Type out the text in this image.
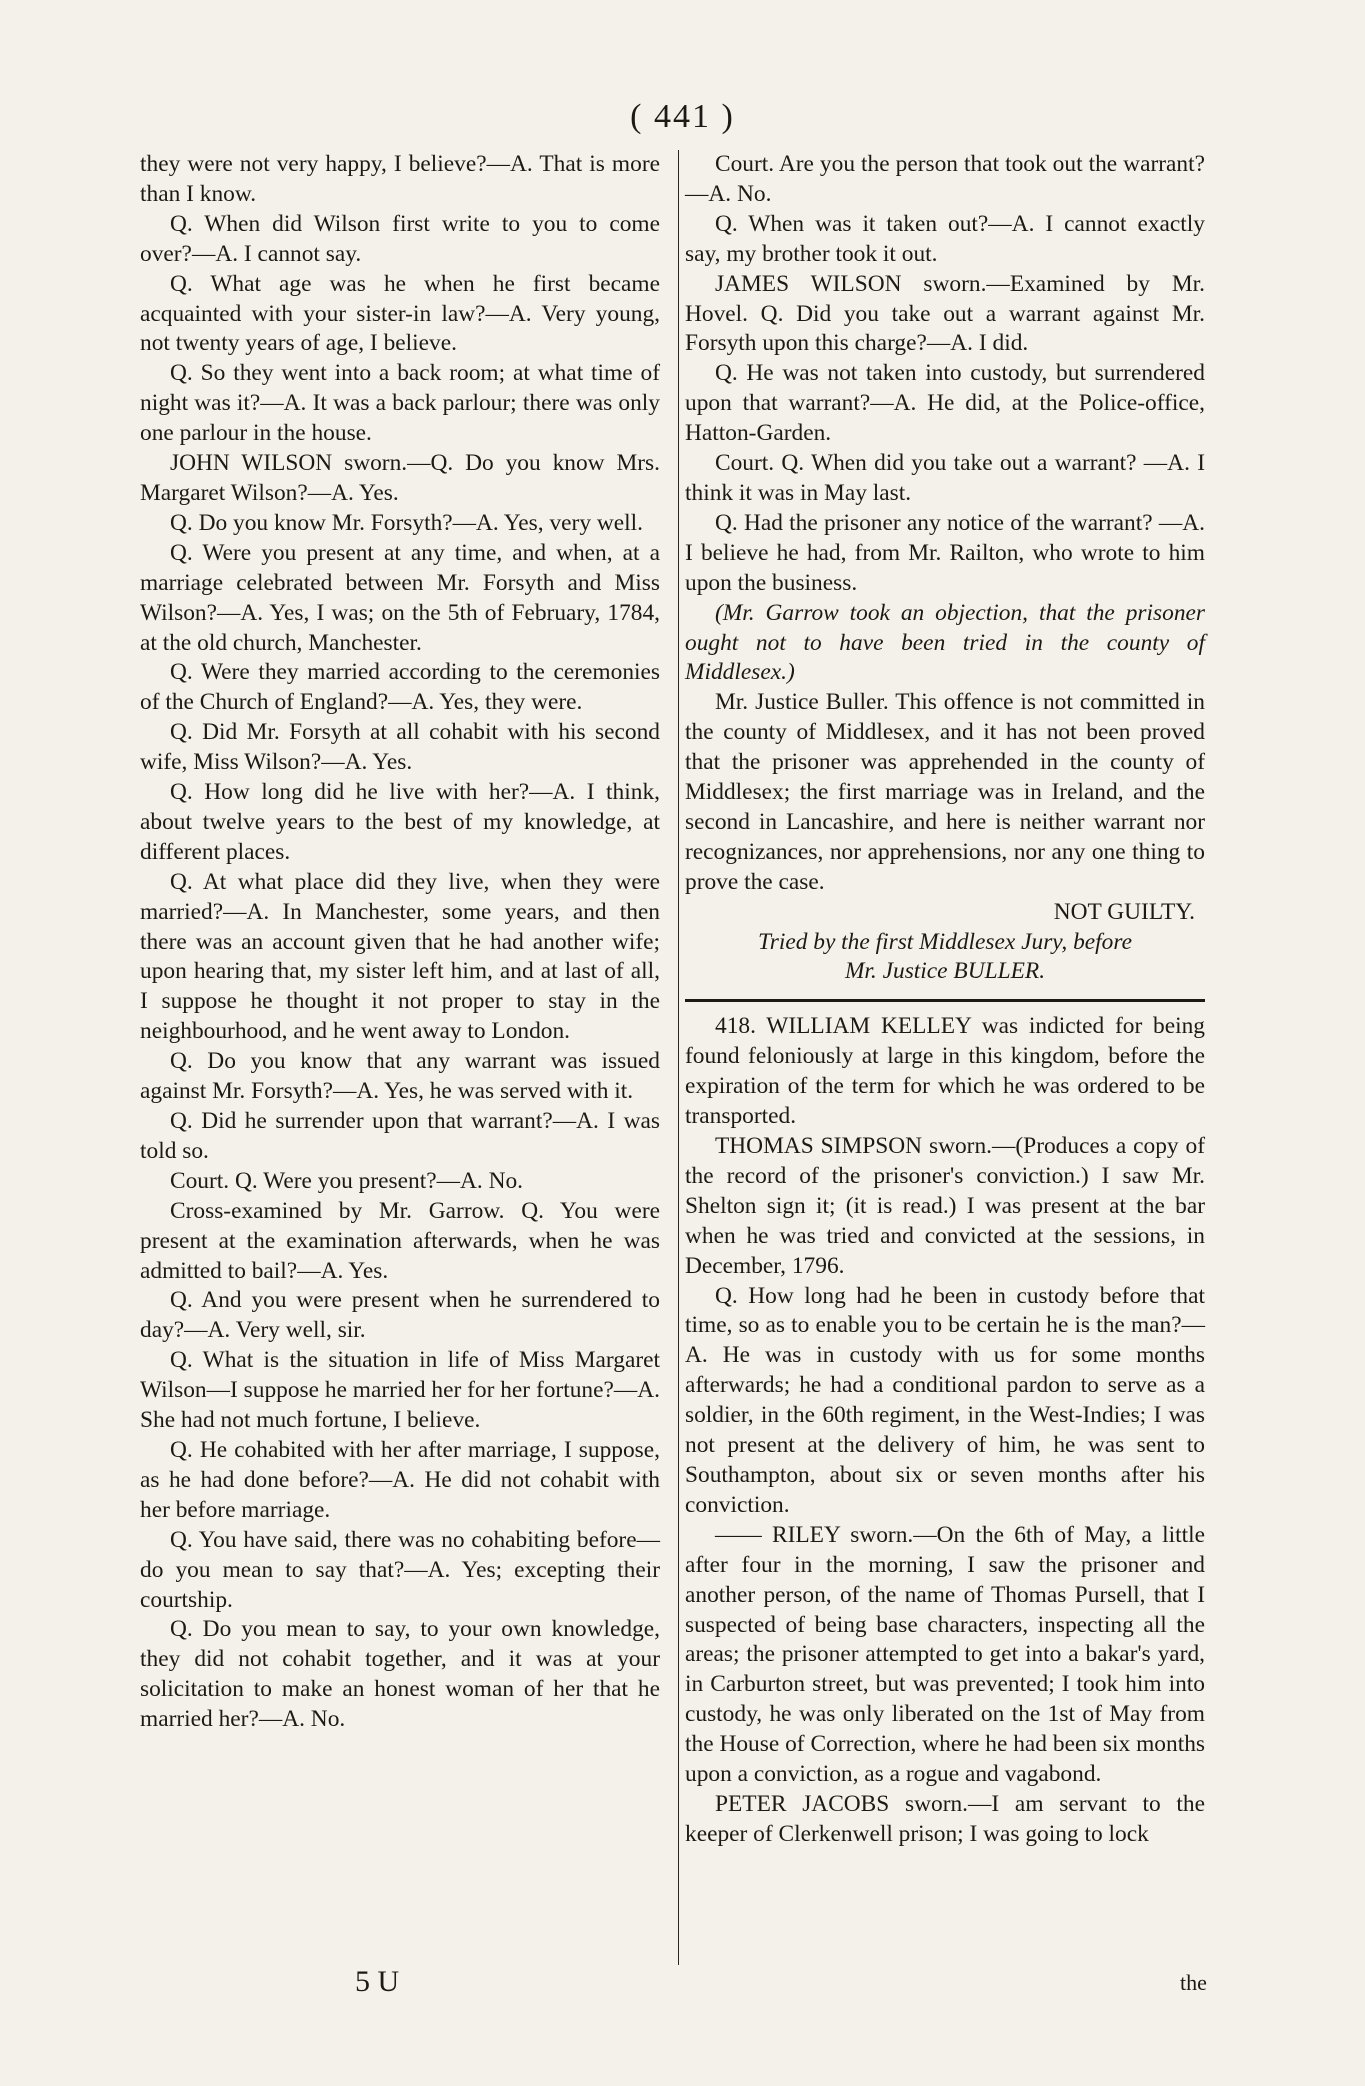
( 441 )

they were not very happy, I believe?—A. That is more than I know.

Q. When did Wilson first write to you to come over?—A. I cannot say.

Q. What age was he when he first became acquainted with your sister-in law?—A. Very young, not twenty years of age, I believe.

Q. So they went into a back room; at what time of night was it?—A. It was a back parlour; there was only one parlour in the house.

JOHN WILSON sworn.—Q. Do you know Mrs. Margaret Wilson?—A. Yes.

Q. Do you know Mr. Forsyth?—A. Yes, very well.

Q. Were you present at any time, and when, at a marriage celebrated between Mr. Forsyth and Miss Wilson?—A. Yes, I was; on the 5th of February, 1784, at the old church, Manchester.

Q. Were they married according to the ceremonies of the Church of England?—A. Yes, they were.

Q. Did Mr. Forsyth at all cohabit with his second wife, Miss Wilson?—A. Yes.

Q. How long did he live with her?—A. I think, about twelve years to the best of my knowledge, at different places.

Q. At what place did they live, when they were married?—A. In Manchester, some years, and then there was an account given that he had another wife; upon hearing that, my sister left him, and at last of all, I suppose he thought it not proper to stay in the neighbourhood, and he went away to London.

Q. Do you know that any warrant was issued against Mr. Forsyth?—A. Yes, he was served with it.

Q. Did he surrender upon that warrant?—A. I was told so.

Court. Q. Were you present?—A. No.

Cross-examined by Mr. Garrow. Q. You were present at the examination afterwards, when he was admitted to bail?—A. Yes.

Q. And you were present when he surrendered to day?—A. Very well, sir.

Q. What is the situation in life of Miss Margaret Wilson—I suppose he married her for her fortune?—A. She had not much fortune, I believe.

Q. He cohabited with her after marriage, I suppose, as he had done before?—A. He did not cohabit with her before marriage.

Q. You have said, there was no cohabiting before—do you mean to say that?—A. Yes; excepting their courtship.

Q. Do you mean to say, to your own knowledge, they did not cohabit together, and it was at your solicitation to make an honest woman of her that he married her?—A. No.

Court. Are you the person that took out the warrant?—A. No.

Q. When was it taken out?—A. I cannot exactly say, my brother took it out.

JAMES WILSON sworn.—Examined by Mr. Hovel. Q. Did you take out a warrant against Mr. Forsyth upon this charge?—A. I did.

Q. He was not taken into custody, but surrendered upon that warrant?—A. He did, at the Police-office, Hatton-Garden.

Court. Q. When did you take out a warrant? —A. I think it was in May last.

Q. Had the prisoner any notice of the warrant? —A. I believe he had, from Mr. Railton, who wrote to him upon the business.

(Mr. Garrow took an objection, that the prisoner ought not to have been tried in the county of Middlesex.)

Mr. Justice Buller. This offence is not committed in the county of Middlesex, and it has not been proved that the prisoner was apprehended in the county of Middlesex; the first marriage was in Ireland, and the second in Lancashire, and here is neither warrant nor recognizances, nor apprehensions, nor any one thing to prove the case.

NOT GUILTY.

Tried by the first Middlesex Jury, before

Mr. Justice BULLER.

418. WILLIAM KELLEY was indicted for being found feloniously at large in this kingdom, before the expiration of the term for which he was ordered to be transported.

THOMAS SIMPSON sworn.—(Produces a copy of the record of the prisoner's conviction.) I saw Mr. Shelton sign it; (it is read.) I was present at the bar when he was tried and convicted at the sessions, in December, 1796.

Q. How long had he been in custody before that time, so as to enable you to be certain he is the man?—A. He was in custody with us for some months afterwards; he had a conditional pardon to serve as a soldier, in the 60th regiment, in the West-Indies; I was not present at the delivery of him, he was sent to Southampton, about six or seven months after his conviction.

—— RILEY sworn.—On the 6th of May, a little after four in the morning, I saw the prisoner and another person, of the name of Thomas Pursell, that I suspected of being base characters, inspecting all the areas; the prisoner attempted to get into a bakar's yard, in Carburton street, but was prevented; I took him into custody, he was only liberated on the 1st of May from the House of Correction, where he had been six months upon a conviction, as a rogue and vagabond.

PETER JACOBS sworn.—I am servant to the keeper of Clerkenwell prison; I was going to lock

5 U	the
